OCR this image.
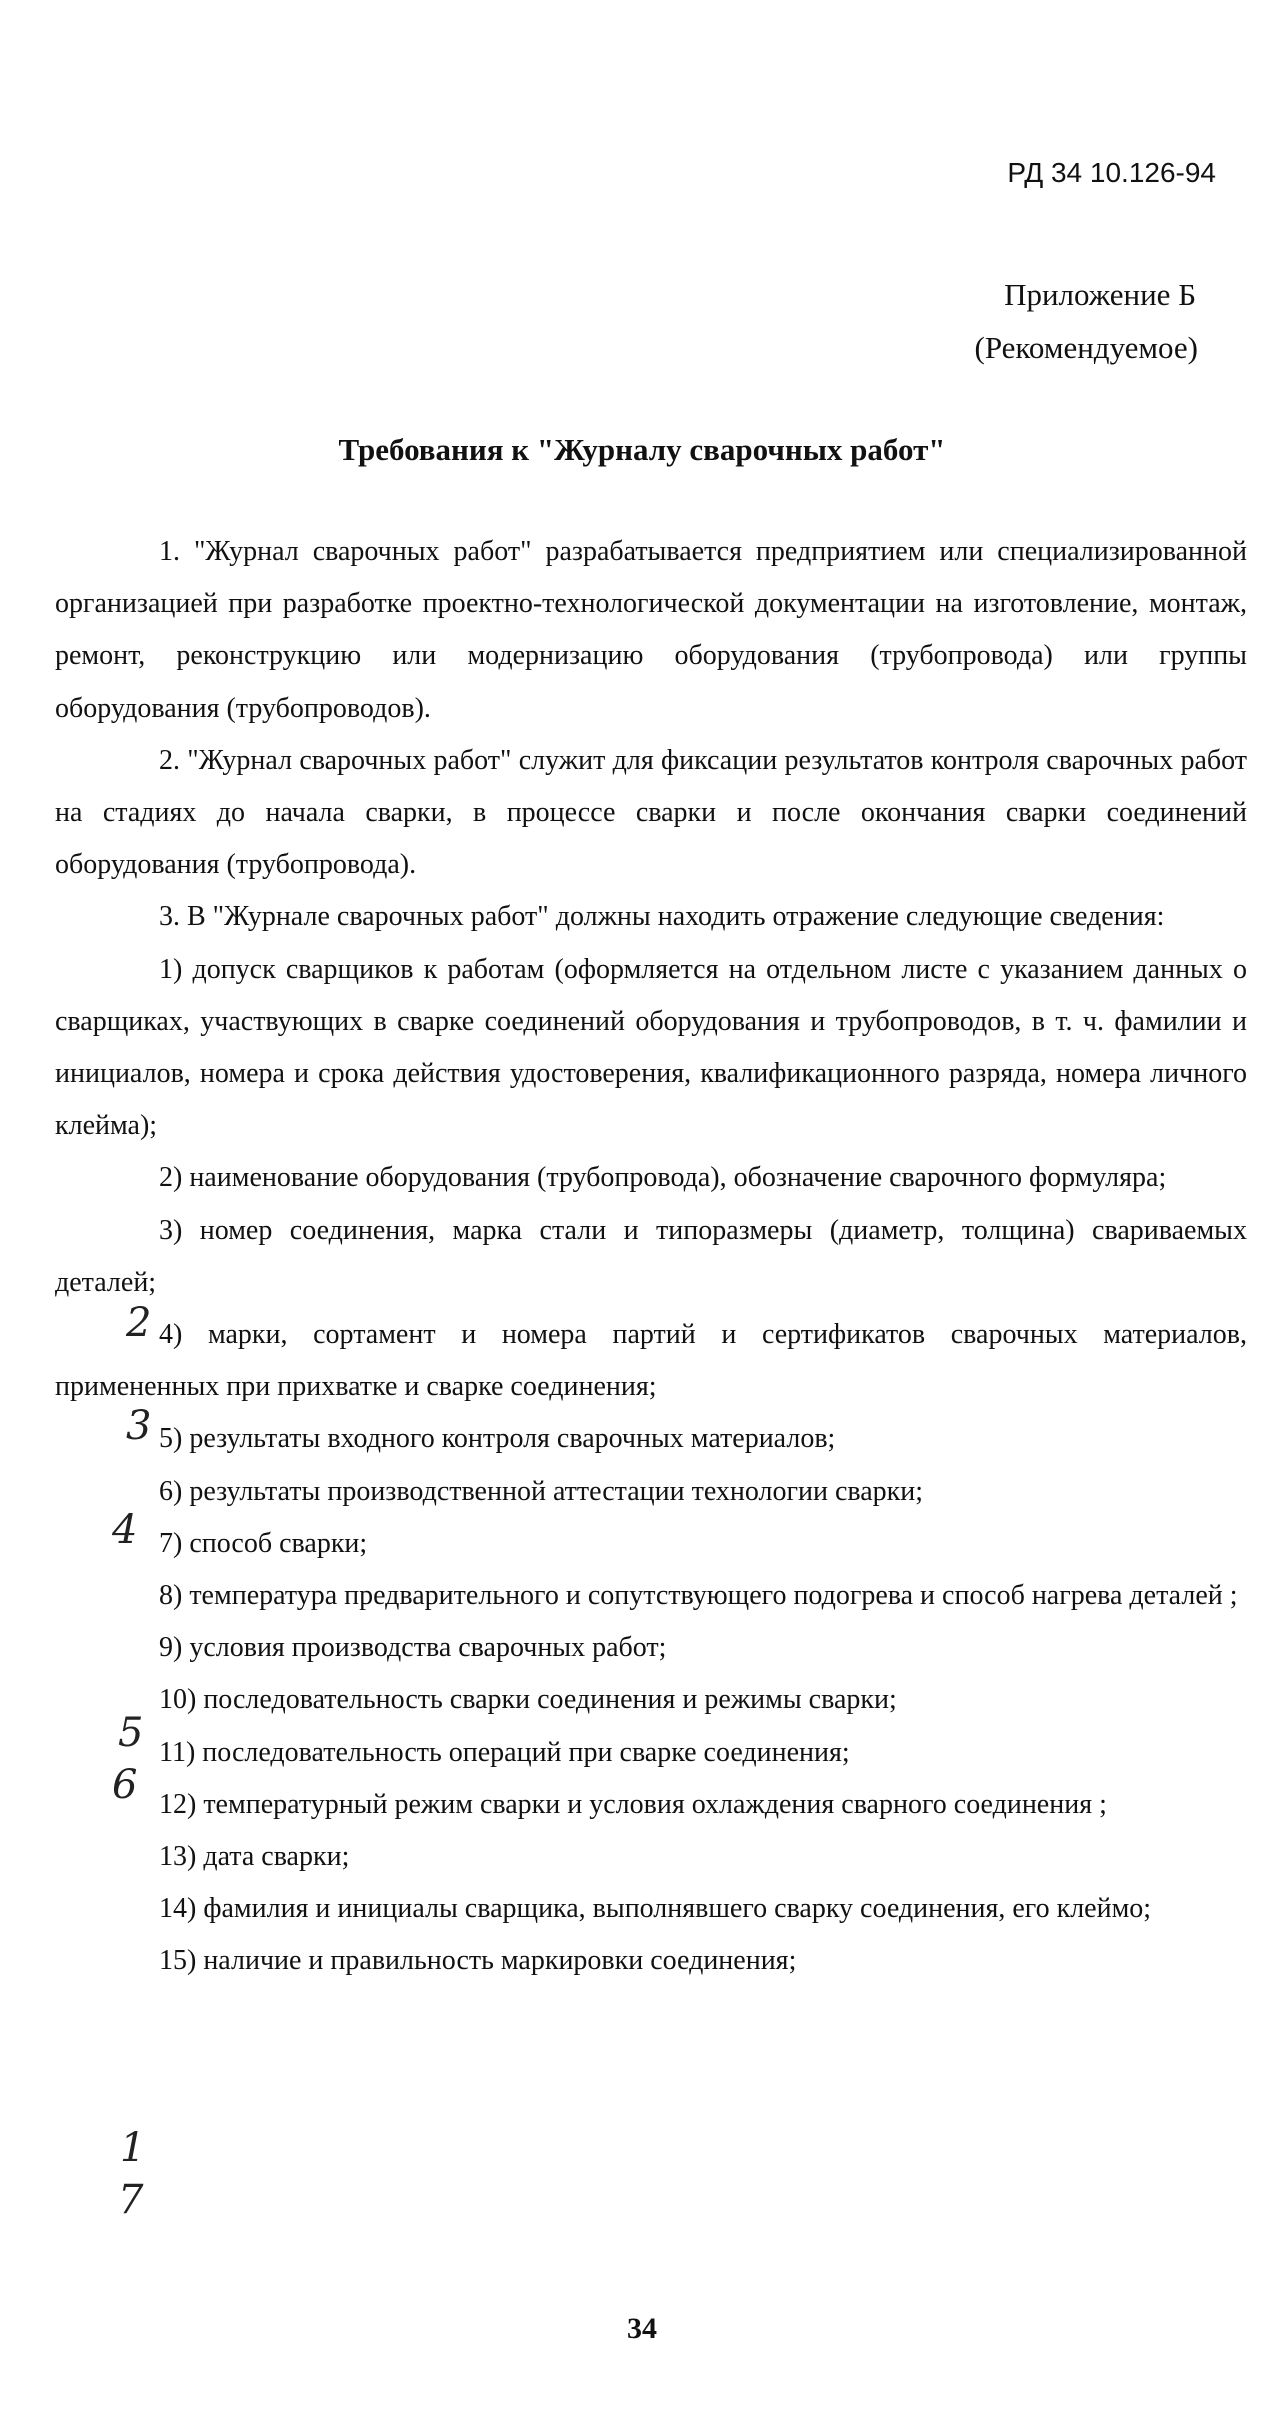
РД 34 10.126-94
Приложение Б
(Рекомендуемое)
Требования к "Журналу сварочных работ"

1. "Журнал сварочных работ" разрабатывается предприятием или специализированной организацией при разработке проектно-технологической документации на изготовление, монтаж, ремонт, реконструкцию или модернизацию оборудования (трубопровода) или группы оборудования (трубопроводов).

2. "Журнал сварочных работ" служит для фиксации результатов контроля сварочных работ на стадиях до начала сварки, в процессе сварки и после окончания сварки соединений оборудования (трубопровода).

3. В "Журнале сварочных работ" должны находить отражение следующие сведения:

1) допуск сварщиков к работам (оформляется на отдельном листе с указанием данных о сварщиках, участвующих в сварке соединений оборудования и трубопроводов, в т. ч. фамилии и инициалов, номера и срока действия удостоверения, квалификационного разряда, номера личного клейма);

2) наименование оборудования (трубопровода), обозначение сварочного формуляра;

3) номер соединения, марка стали и типоразмеры (диаметр, толщина) свариваемых деталей;

4) марки, сортамент и номера партий и сертификатов сварочных материалов, примененных при прихватке и сварке соединения;

5) результаты входного контроля сварочных материалов;

6) результаты производственной аттестации технологии сварки;

7) способ сварки;

8) температура предварительного и сопутствующего подогрева и способ нагрева деталей ;

9) условия производства сварочных работ;

10) последовательность сварки соединения и режимы сварки;

11) последовательность операций при сварке соединения;

12) температурный режим сварки и условия охлаждения сварного соединения ;

13) дата сварки;

14) фамилия и инициалы сварщика, выполнявшего сварку соединения, его клеймо;

15) наличие и правильность маркировки соединения;

2
3
4
5
6
1
7
34
